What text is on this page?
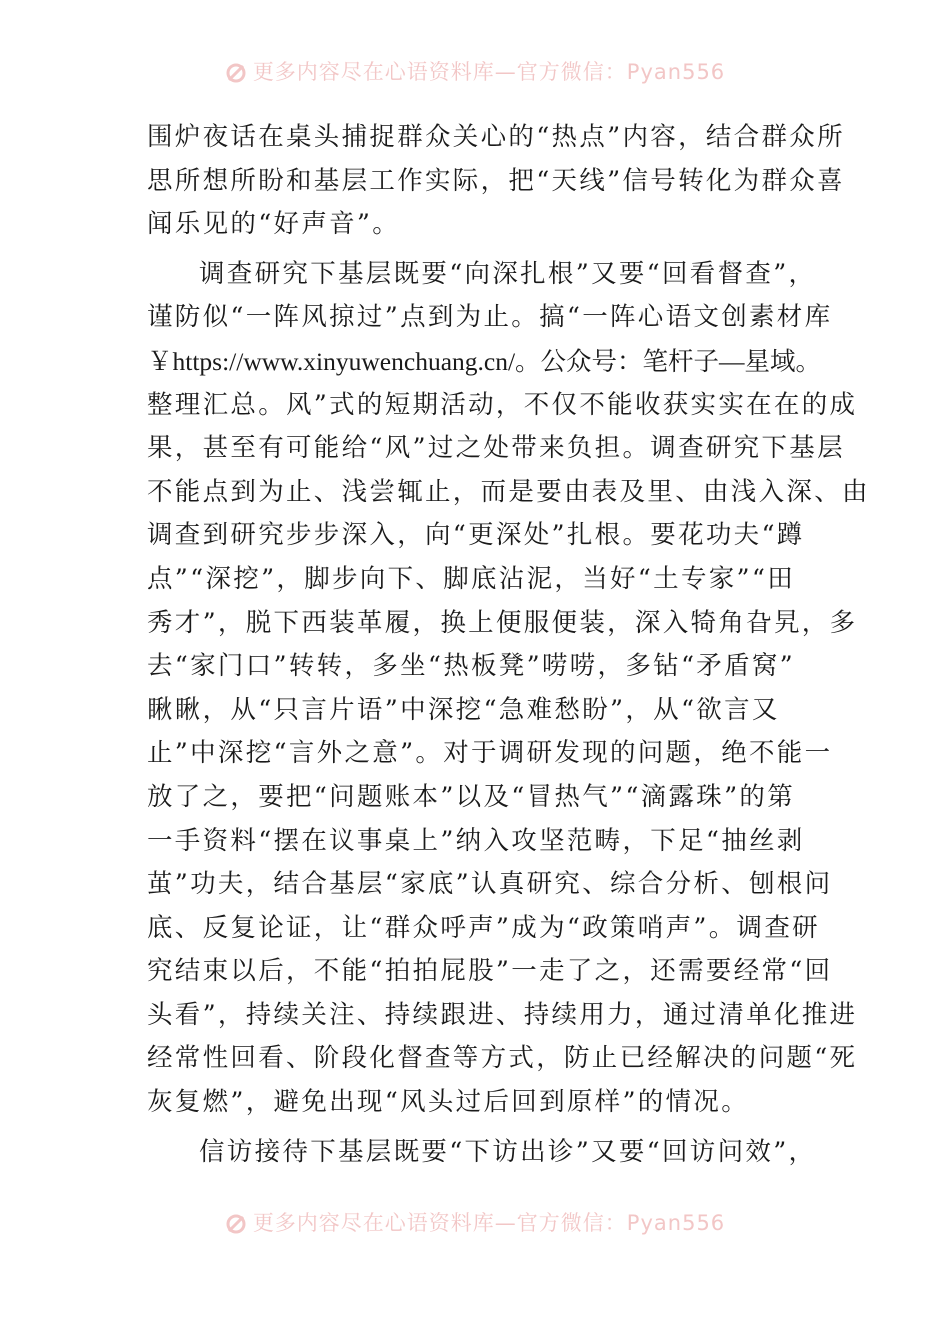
更多内容尽在心语资料库—官方微信：Pyan556

围炉夜话在桌头捕捉群众关心的“热点”内容，结合群众所
思所想所盼和基层工作实际，把“天线”信号转化为群众喜
闻乐见的“好声音”。

调查研究下基层既要“向深扎根”又要“回看督查”，
谨防似“一阵风掠过”点到为止。搞“一阵心语文创素材库
￥https://www.xinyuwenchuang.cn/。公众号：笔杆子—星域。
整理汇总。风”式的短期活动，不仅不能收获实实在在的成
果，甚至有可能给“风”过之处带来负担。调查研究下基层
不能点到为止、浅尝辄止，而是要由表及里、由浅入深、由
调查到研究步步深入，向“更深处”扎根。要花功夫“蹲
点”“深挖”，脚步向下、脚底沾泥，当好“土专家”“田
秀才”，脱下西装革履，换上便服便装，深入犄角旮旯，多
去“家门口”转转，多坐“热板凳”唠唠，多钻“矛盾窝”
瞅瞅，从“只言片语”中深挖“急难愁盼”，从“欲言又
止”中深挖“言外之意”。对于调研发现的问题，绝不能一
放了之，要把“问题账本”以及“冒热气”“滴露珠”的第
一手资料“摆在议事桌上”纳入攻坚范畴，下足“抽丝剥
茧”功夫，结合基层“家底”认真研究、综合分析、刨根问
底、反复论证，让“群众呼声”成为“政策哨声”。调查研
究结束以后，不能“拍拍屁股”一走了之，还需要经常“回
头看”，持续关注、持续跟进、持续用力，通过清单化推进
经常性回看、阶段化督查等方式，防止已经解决的问题“死
灰复燃”，避免出现“风头过后回到原样”的情况。

信访接待下基层既要“下访出诊”又要“回访问效”，

更多内容尽在心语资料库—官方微信：Pyan556
